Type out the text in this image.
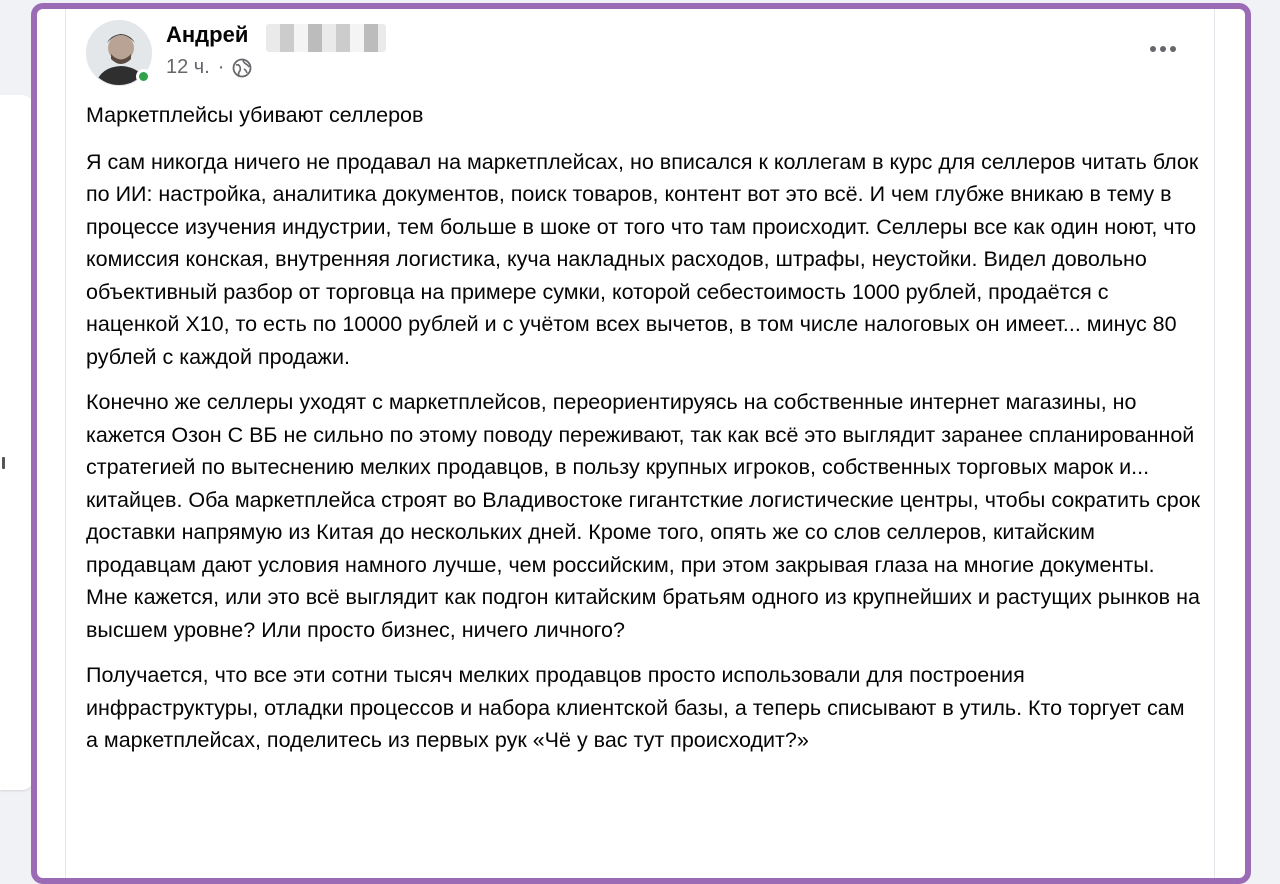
Андрей
12 ч. ·

Маркетплейсы убивают селлеров

Я сам никогда ничего не продавал на маркетплейсах, но вписался к коллегам в курс для селлеров читать блок по ИИ: настройка, аналитика документов, поиск товаров, контент вот это всё. И чем глубже вникаю в тему в процессе изучения индустрии, тем больше в шоке от того что там происходит. Селлеры все как один ноют, что комиссия конская, внутренняя логистика, куча накладных расходов, штрафы, неустойки. Видел довольно объективный разбор от торговца на примере сумки, которой себестоимость 1000 рублей, продаётся с наценкой Х10, то есть по 10000 рублей и с учётом всех вычетов, в том числе налоговых он имеет... минус 80 рублей с каждой продажи.

Конечно же селлеры уходят с маркетплейсов, переориентируясь на собственные интернет магазины, но кажется Озон С ВБ не сильно по этому поводу переживают, так как всё это выглядит заранее спланированной стратегией по вытеснению мелких продавцов, в пользу крупных игроков, собственных торговых марок и... китайцев. Оба маркетплейса строят во Владивостоке гигантсткие логистические центры, чтобы сократить срок доставки напрямую из Китая до нескольких дней. Кроме того, опять же со слов селлеров, китайским продавцам дают условия намного лучше, чем российским, при этом закрывая глаза на многие документы. Мне кажется, или это всё выглядит как подгон китайским братьям одного из крупнейших и растущих рынков на высшем уровне? Или просто бизнес, ничего личного?

Получается, что все эти сотни тысяч мелких продавцов просто использовали для построения инфраструктуры, отладки процессов и набора клиентской базы, а теперь списывают в утиль. Кто торгует сам а маркетплейсах, поделитесь из первых рук «Чё у вас тут происходит?»
